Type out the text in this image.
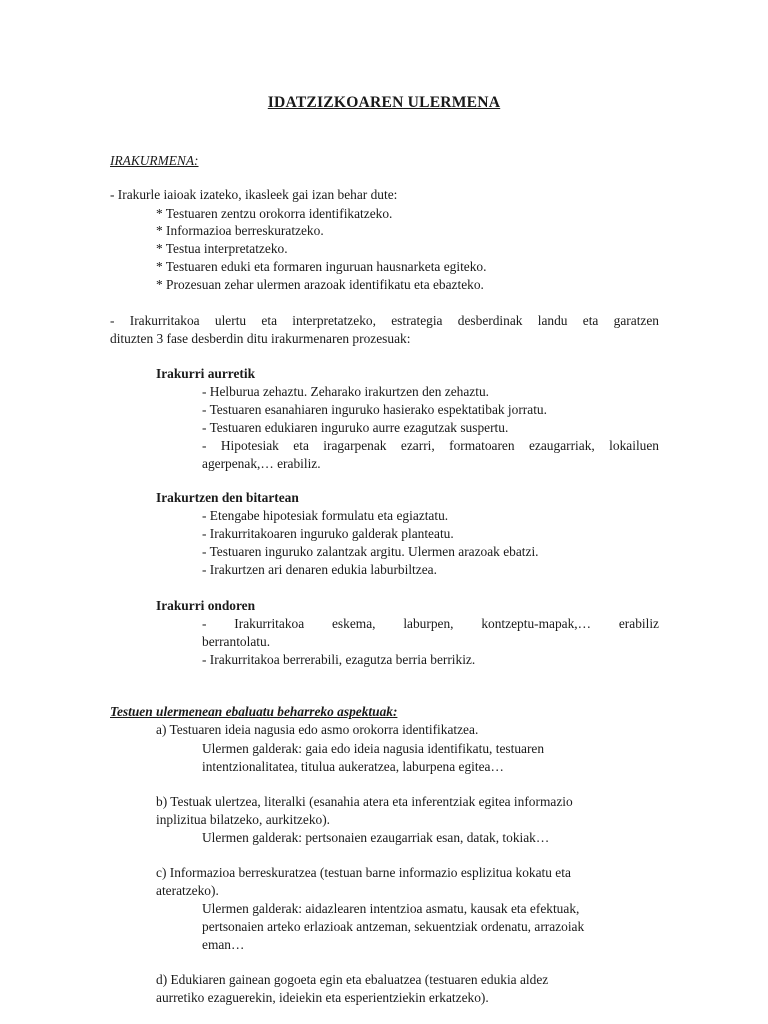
IDATZIZKOAREN ULERMENA
IRAKURMENA:
- Irakurle iaioak izateko, ikasleek gai izan behar dute:
* Testuaren zentzu orokorra identifikatzeko.
* Informazioa berreskuratzeko.
* Testua interpretatzeko.
* Testuaren eduki eta formaren inguruan hausnarketa egiteko.
* Prozesuan zehar ulermen arazoak identifikatu eta ebazteko.
- Irakurritakoa ulertu eta interpretatzeko, estrategia desberdinak landu eta garatzen
dituzten 3 fase desberdin ditu irakurmenaren prozesuak:
Irakurri aurretik
- Helburua zehaztu. Zeharako irakurtzen den zehaztu.
- Testuaren esanahiaren inguruko hasierako espektatibak jorratu.
- Testuaren edukiaren inguruko aurre ezagutzak suspertu.
- Hipotesiak eta iragarpenak ezarri, formatoaren ezaugarriak, lokailuen
agerpenak,… erabiliz.
Irakurtzen den bitartean
- Etengabe hipotesiak formulatu eta egiaztatu.
- Irakurritakoaren inguruko galderak planteatu.
- Testuaren inguruko zalantzak argitu. Ulermen arazoak ebatzi.
- Irakurtzen ari denaren edukia laburbiltzea.
Irakurri ondoren
- Irakurritakoa eskema, laburpen, kontzeptu-mapak,… erabiliz
berrantolatu.
- Irakurritakoa berrerabili, ezagutza berria berrikiz.
Testuen ulermenean ebaluatu beharreko aspektuak:
a) Testuaren ideia nagusia edo asmo orokorra identifikatzea.
Ulermen galderak: gaia edo ideia nagusia identifikatu, testuaren
intentzionalitatea, titulua aukeratzea, laburpena egitea…
b) Testuak ulertzea, literalki (esanahia atera eta inferentziak egitea informazio
inplizitua bilatzeko, aurkitzeko).
Ulermen galderak: pertsonaien ezaugarriak esan, datak, tokiak…
c) Informazioa berreskuratzea (testuan barne informazio esplizitua kokatu eta
ateratzeko).
Ulermen galderak: aidazlearen intentzioa asmatu, kausak eta efektuak,
pertsonaien arteko erlazioak antzeman, sekuentziak ordenatu, arrazoiak
eman…
d) Edukiaren gainean gogoeta egin eta ebaluatzea (testuaren edukia aldez
aurretiko ezaguerekin, ideiekin eta esperientziekin erkatzeko).
